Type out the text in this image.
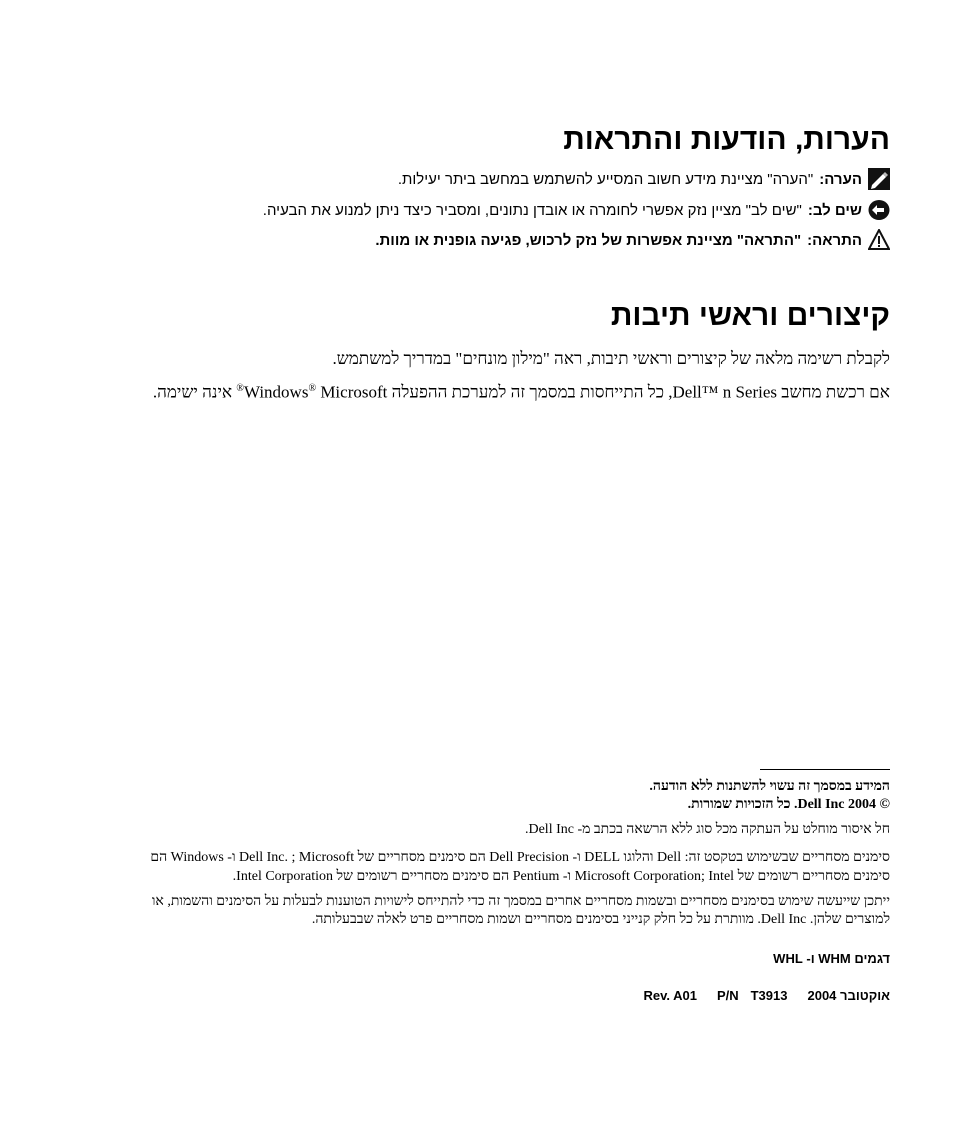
הערות, הודעות והתראות
הערה:
"הערה" מציינת מידע חשוב המסייע להשתמש במחשב ביתר יעילות.
שים לב:
"שים לב" מציין נזק אפשרי לחומרה או אובדן נתונים, ומסביר כיצד ניתן למנוע את הבעיה.
התראה:
"התראה" מציינת אפשרות של נזק לרכוש, פגיעה גופנית או מוות.
קיצורים וראשי תיבות
לקבלת רשימה מלאה של קיצורים וראשי תיבות, ראה "מילון מונחים" במדריך למשתמש.
אם רכשת מחשב Dell™ n Series, כל התייחסות במסמך זה למערכת ההפעלה Windows® Microsoft® אינה ישימה.
המידע במסמך זה עשוי להשתנות ללא הודעה.
© 2004 Dell Inc. כל הזכויות שמורות.
חל איסור מוחלט על העתקה מכל סוג ללא הרשאה בכתב מ- Dell Inc.
סימנים מסחריים שבשימוש בטקסט זה: Dell והלוגו DELL ו- Dell Precision הם סימנים מסחריים של Dell Inc. ; Microsoft ו- Windows הם
סימנים מסחריים רשומים של Microsoft Corporation; Intel ו- Pentium הם סימנים מסחריים רשומים של Intel Corporation.
ייתכן שייעשה שימוש בסימנים מסחריים ובשמות מסחריים אחרים במסמך זה כדי להתייחס לישויות הטוענות לבעלות על הסימנים והשמות, או
למוצרים שלהן. Dell Inc. מוותרת על כל חלק קנייני בסימנים מסחריים ושמות מסחריים פרט לאלה שבבעלותה.
דגמים WHM ו- WHL
Rev. A01 P/N T3913 אוקטובר 2004
